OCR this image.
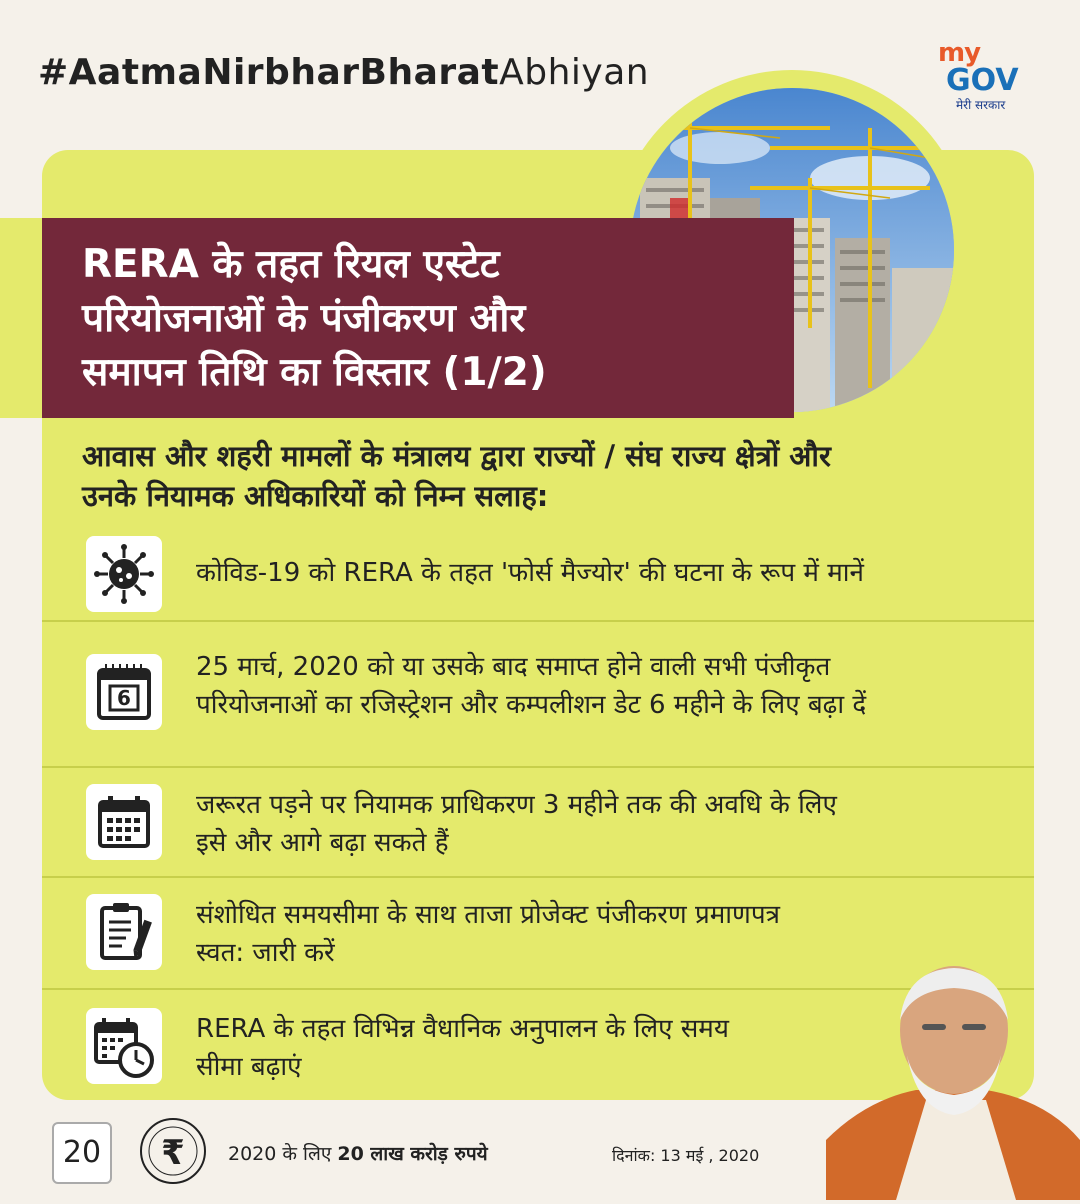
#AatmaNirbharBharatAbhiyan	my
GOV
मेरी सरकार
RERA के तहत रियल एस्टेट
परियोजनाओं के पंजीकरण और
समापन तिथि का विस्तार (1/2)
आवास और शहरी मामलों के मंत्रालय द्वारा राज्यों / संघ राज्य क्षेत्रों और
उनके नियामक अधिकारियों को निम्न सलाह:
कोविड-19 को RERA के तहत 'फोर्स मैज्योर' की घटना के रूप में मानें
6
25 मार्च, 2020 को या उसके बाद समाप्त होने वाली सभी पंजीकृत
परियोजनाओं का रजिस्ट्रेशन और कम्पलीशन डेट 6 महीने के लिए बढ़ा दें
जरूरत पड़ने पर नियामक प्राधिकरण 3 महीने तक की अवधि के लिए
इसे और आगे बढ़ा सकते हैं
संशोधित समयसीमा के साथ ताजा प्रोजेक्ट पंजीकरण प्रमाणपत्र
स्वत: जारी करें
RERA के तहत विभिन्न वैधानिक अनुपालन के लिए समय
सीमा बढ़ाएं
20	₹ 2020 के लिए 20 लाख करोड़ रुपये	दिनांक: 13 मई , 2020
